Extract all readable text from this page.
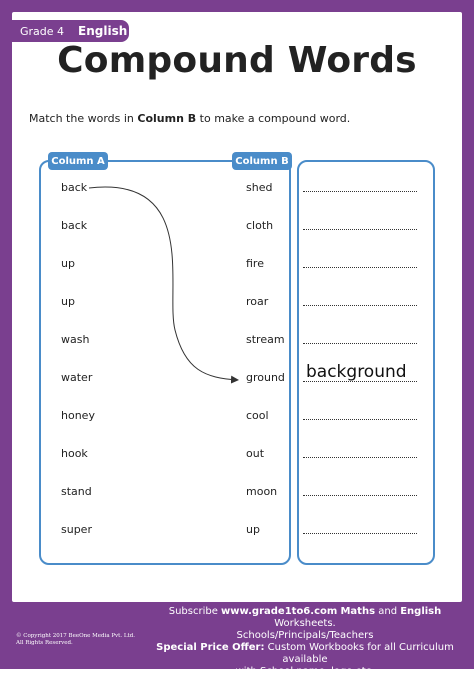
Grade 4 English
Compound Words
Match the words in Column B to make a compound word.
Column A	Column B
back	shed
back	cloth
up	fire
up	roar
wash	stream
water	ground
honey	cool
hook	out
stand	moon
super	up
background
© Copyright 2017 BeeOne Media Pvt. Ltd.
All Rights Reserved.
Subscribe www.grade1to6.com Maths and English Worksheets.
Schools/Principals/Teachers
Special Price Offer: Custom Workbooks for all Curriculum available
with School name, logo etc.
Email us: info@grade1to6.com
